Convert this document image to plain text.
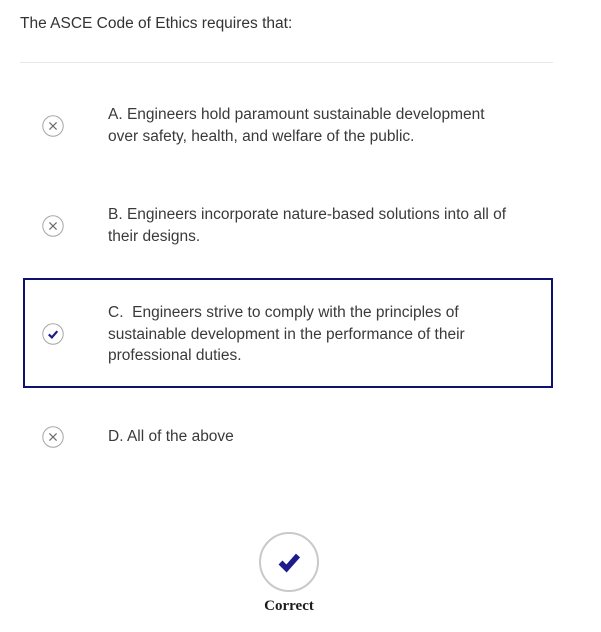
The ASCE Code of Ethics requires that:
A. Engineers hold paramount sustainable development
over safety, health, and welfare of the public.
B. Engineers incorporate nature-based solutions into all of
their designs.
C.  Engineers strive to comply with the principles of
sustainable development in the performance of their
professional duties.
D. All of the above
Correct
